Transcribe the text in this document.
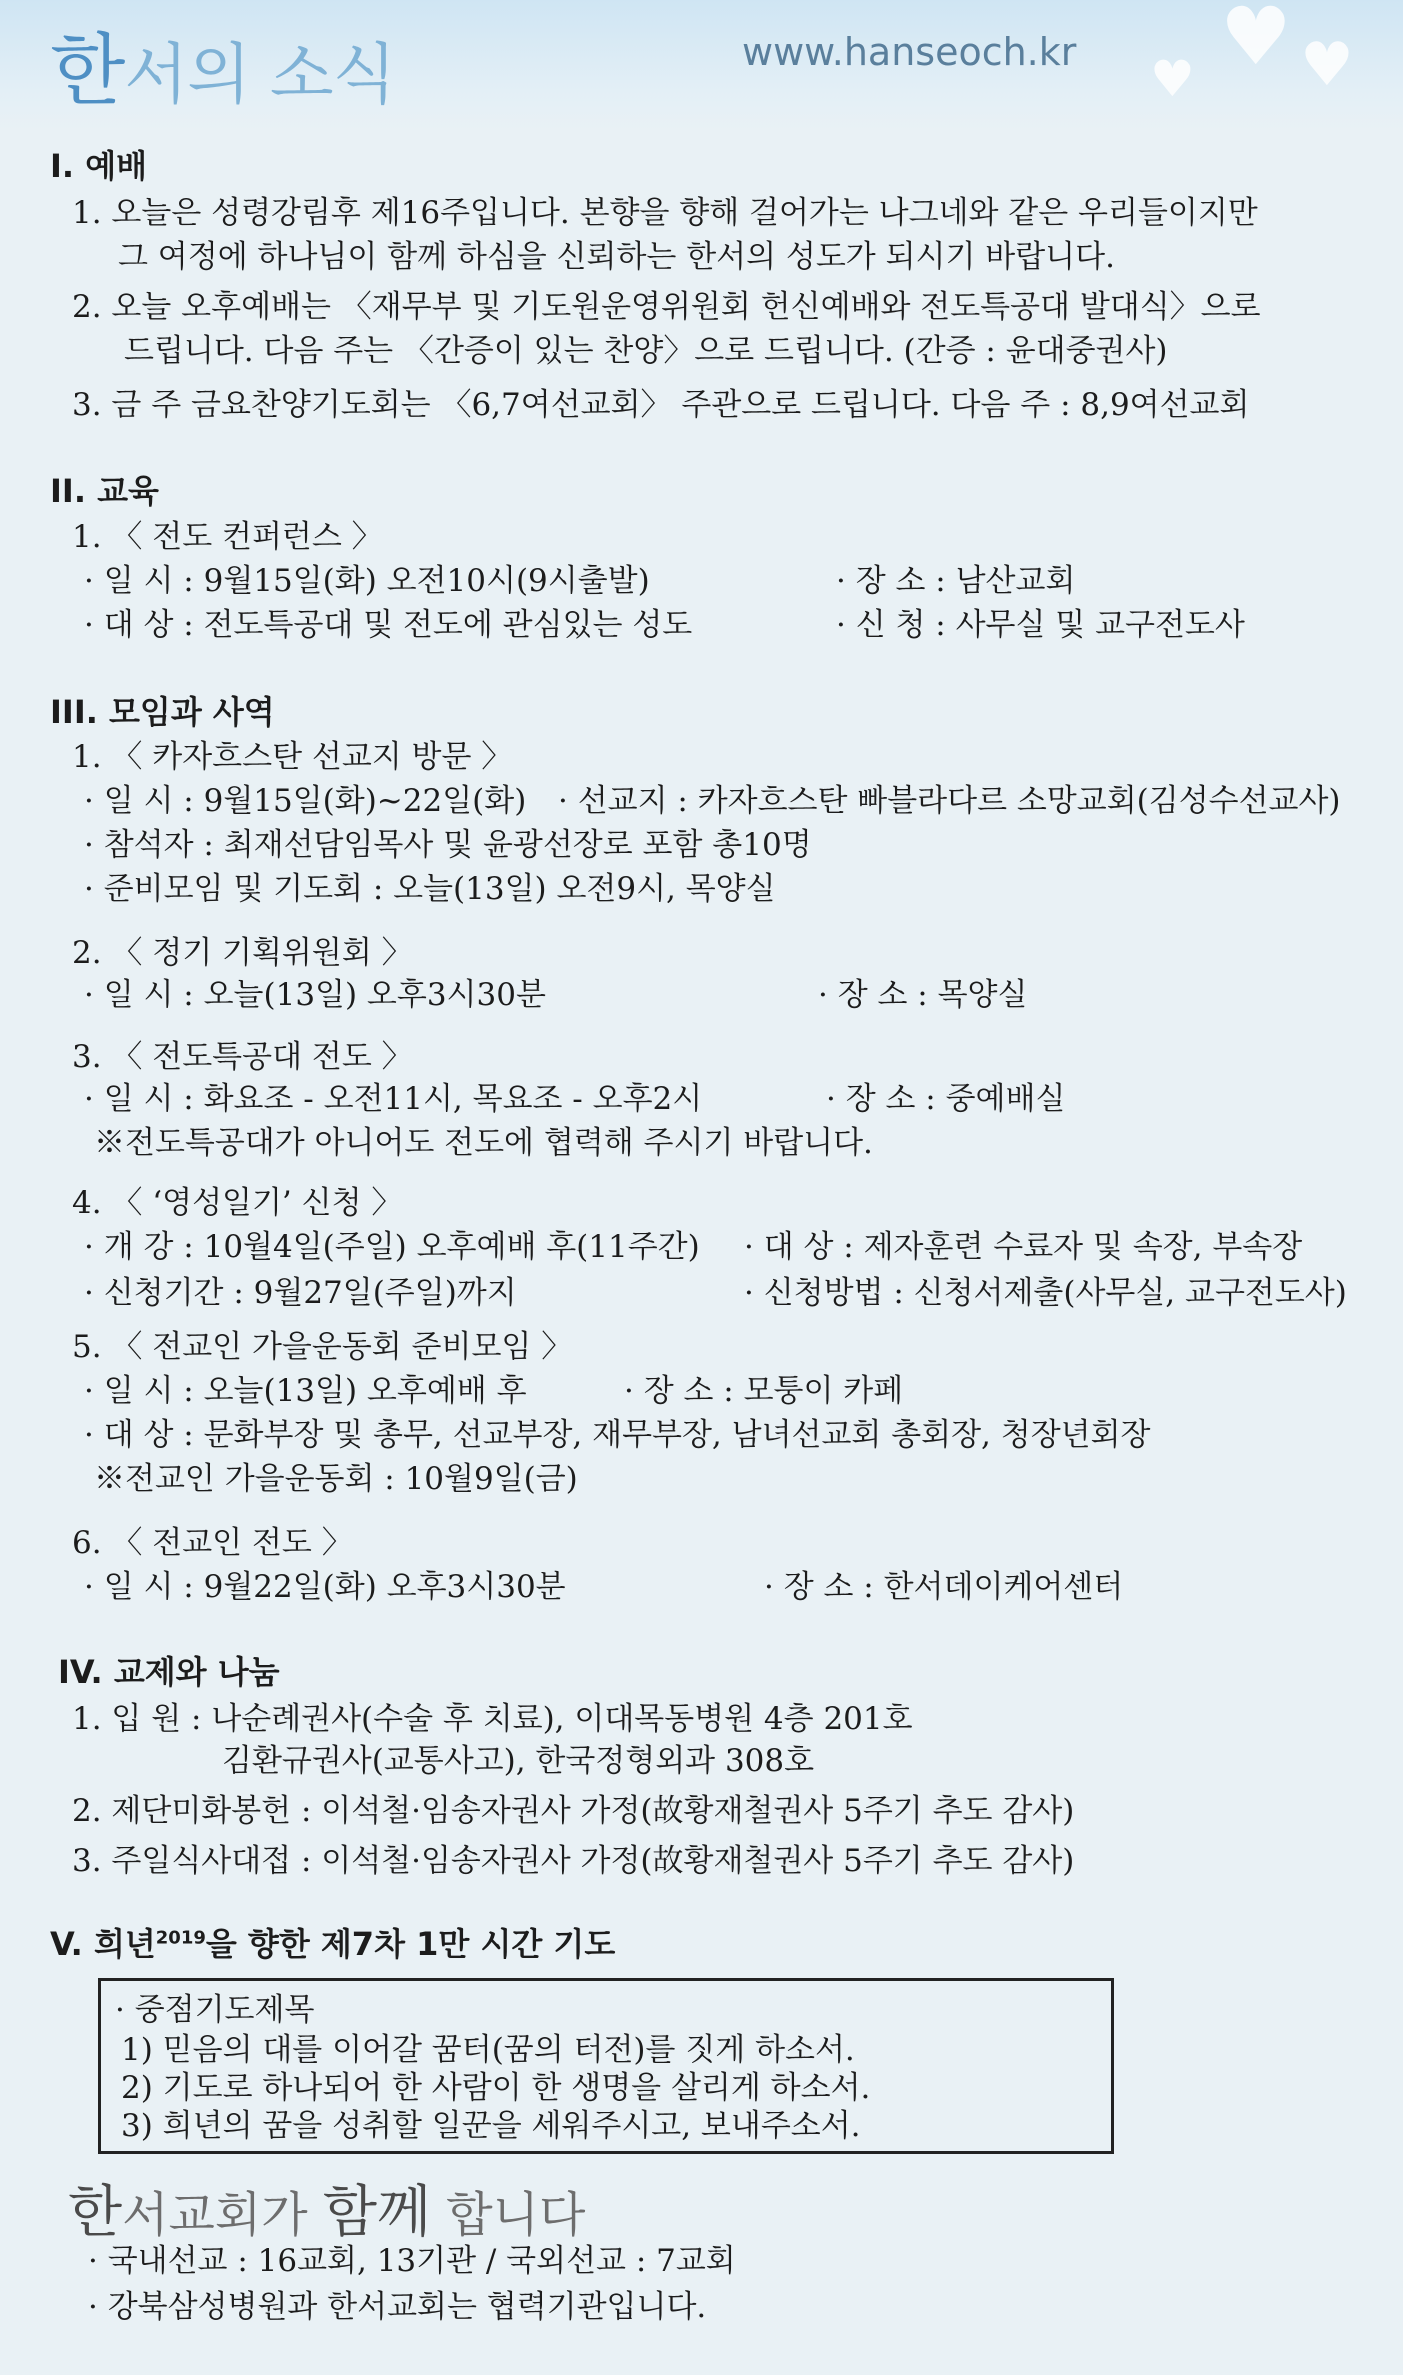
♥ ♥
♥
한서의 소식	www.hanseoch.kr
I. 예배
1. 오늘은 성령강림후 제16주입니다. 본향을 향해 걸어가는 나그네와 같은 우리들이지만
그 여정에 하나님이 함께 하심을 신뢰하는 한서의 성도가 되시기 바랍니다.
2. 오늘 오후예배는 〈재무부 및 기도원운영위원회 헌신예배와 전도특공대 발대식〉으로
드립니다. 다음 주는 〈간증이 있는 찬양〉으로 드립니다. (간증 : 윤대중권사)
3. 금 주 금요찬양기도회는 〈6,7여선교회〉 주관으로 드립니다. 다음 주 : 8,9여선교회
II. 교육
1. 〈 전도 컨퍼런스 〉
· 일 시 : 9월15일(화) 오전10시(9시출발)	· 장 소 : 남산교회
· 대 상 : 전도특공대 및 전도에 관심있는 성도	· 신 청 : 사무실 및 교구전도사
III. 모임과 사역
1. 〈 카자흐스탄 선교지 방문 〉
· 일 시 : 9월15일(화)~22일(화) · 선교지 : 카자흐스탄 빠블라다르 소망교회(김성수선교사)
· 참석자 : 최재선담임목사 및 윤광선장로 포함 총10명
· 준비모임 및 기도회 : 오늘(13일) 오전9시, 목양실
2. 〈 정기 기획위원회 〉
· 일 시 : 오늘(13일) 오후3시30분	· 장 소 : 목양실
3. 〈 전도특공대 전도 〉
· 일 시 : 화요조 - 오전11시, 목요조 - 오후2시	· 장 소 : 중예배실
※전도특공대가 아니어도 전도에 협력해 주시기 바랍니다.
4. 〈 ‘영성일기’ 신청 〉
· 개 강 : 10월4일(주일) 오후예배 후(11주간) · 대 상 : 제자훈련 수료자 및 속장, 부속장
· 신청기간 : 9월27일(주일)까지	· 신청방법 : 신청서제출(사무실, 교구전도사)
5. 〈 전교인 가을운동회 준비모임 〉
· 일 시 : 오늘(13일) 오후예배 후	· 장 소 : 모퉁이 카페
· 대 상 : 문화부장 및 총무, 선교부장, 재무부장, 남녀선교회 총회장, 청장년회장
※전교인 가을운동회 : 10월9일(금)
6. 〈 전교인 전도 〉
· 일 시 : 9월22일(화) 오후3시30분	· 장 소 : 한서데이케어센터
IV. 교제와 나눔
1. 입 원 : 나순례권사(수술 후 치료), 이대목동병원 4층 201호
김환규권사(교통사고), 한국정형외과 308호
2. 제단미화봉헌 : 이석철·임송자권사 가정(故황재철권사 5주기 추도 감사)
3. 주일식사대접 : 이석철·임송자권사 가정(故황재철권사 5주기 추도 감사)
V. 희년$^{2019}$을 향한 제7차 1만 시간 기도
· 중점기도제목
1) 믿음의 대를 이어갈 꿈터(꿈의 터전)를 짓게 하소서.
2) 기도로 하나되어 한 사람이 한 생명을 살리게 하소서.
3) 희년의 꿈을 성취할 일꾼을 세워주시고, 보내주소서.
한서교회가 함께 합니다
· 국내선교 : 16교회, 13기관 / 국외선교 : 7교회
· 강북삼성병원과 한서교회는 협력기관입니다.
